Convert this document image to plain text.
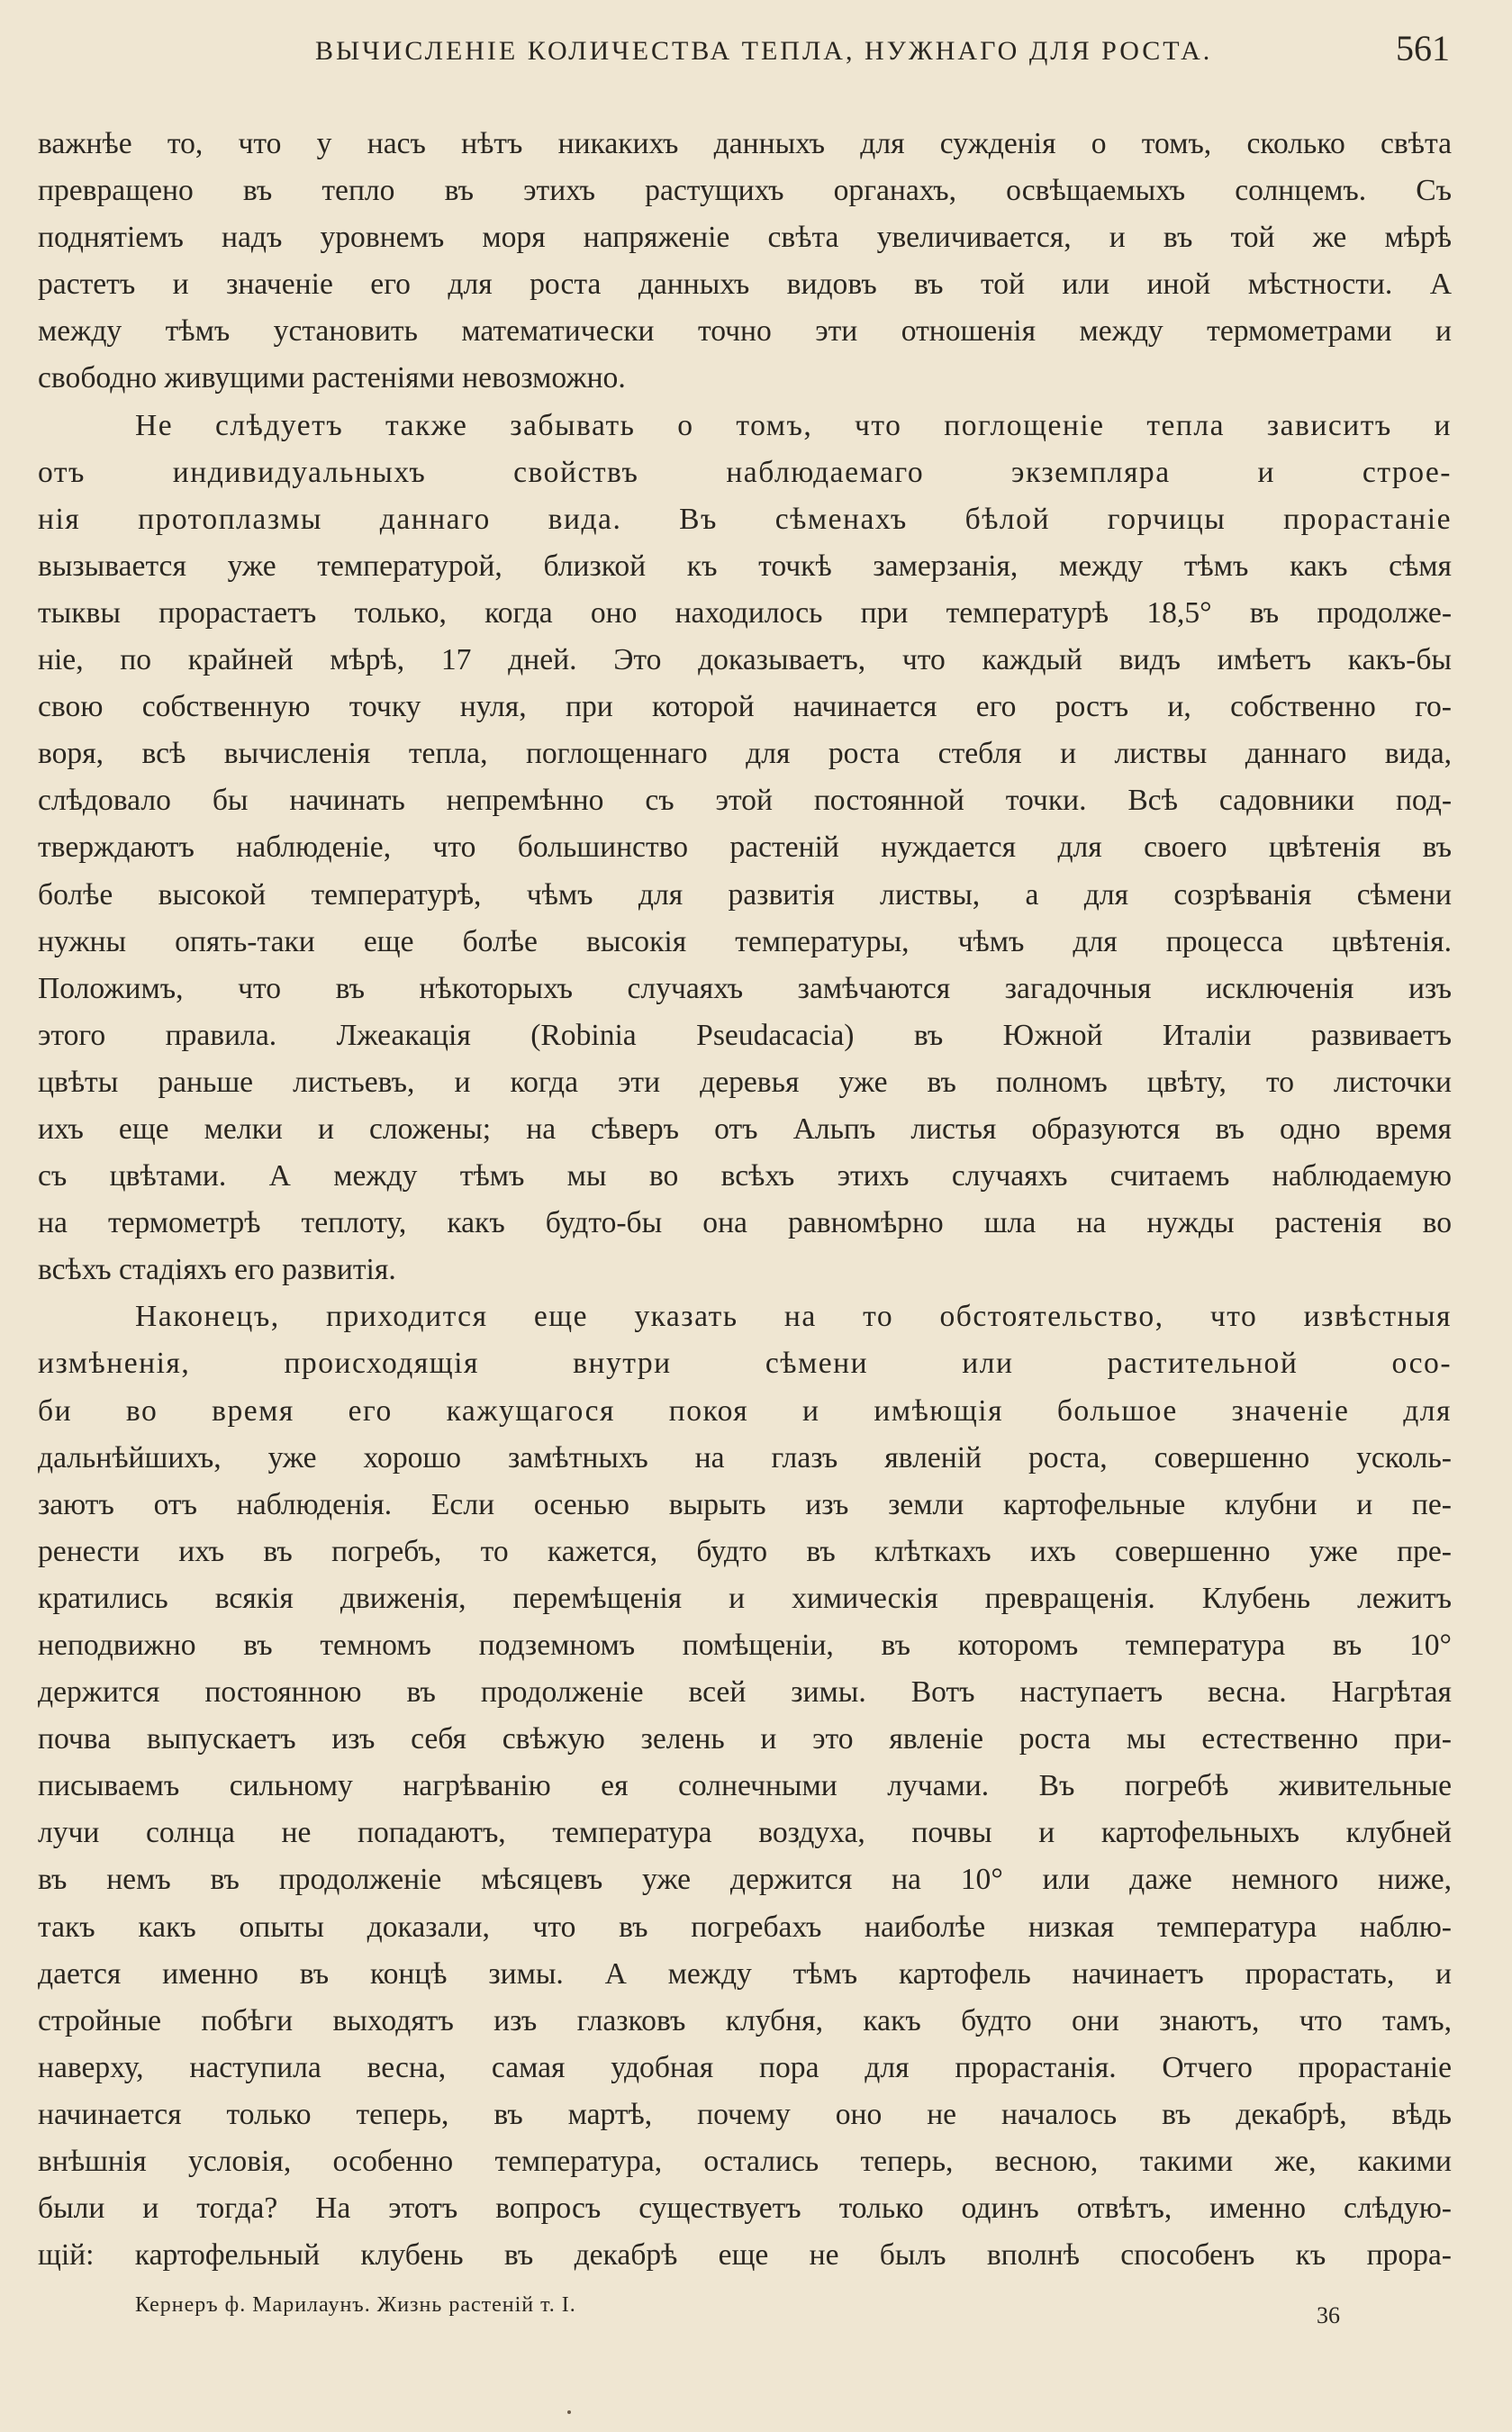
ВЫЧИСЛЕНІЕ КОЛИЧЕСТВА ТЕПЛА, НУЖНАГО ДЛЯ РОСТА.	561
важнѣе то, что у насъ нѣтъ никакихъ данныхъ для сужденія о томъ, сколько свѣта
превращено въ тепло въ этихъ растущихъ органахъ, освѣщаемыхъ солнцемъ. Съ
поднятіемъ надъ уровнемъ моря напряженіе свѣта увеличивается, и въ той же мѣрѣ
растетъ и значеніе его для роста данныхъ видовъ въ той или иной мѣстности. А
между тѣмъ установить математически точно эти отношенія между термометрами и
свободно живущими растеніями невозможно.
Не слѣдуетъ также забывать о томъ, что поглощеніе тепла зависитъ и
отъ индивидуальныхъ свойствъ наблюдаемаго экземпляра и строе-
нія протоплазмы даннаго вида. Въ сѣменахъ бѣлой горчицы прорастаніе
вызывается уже температурой, близкой къ точкѣ замерзанія, между тѣмъ какъ сѣмя
тыквы прорастаетъ только, когда оно находилось при температурѣ 18,5° въ продолже-
ніе, по крайней мѣрѣ, 17 дней. Это доказываетъ, что каждый видъ имѣетъ какъ-бы
свою собственную точку нуля, при которой начинается его ростъ и, собственно го-
воря, всѣ вычисленія тепла, поглощеннаго для роста стебля и листвы даннаго вида,
слѣдовало бы начинать непремѣнно съ этой постоянной точки. Всѣ садовники под-
тверждаютъ наблюденіе, что большинство растеній нуждается для своего цвѣтенія въ
болѣе высокой температурѣ, чѣмъ для развитія листвы, а для созрѣванія сѣмени
нужны опять-таки еще болѣе высокія температуры, чѣмъ для процесса цвѣтенія.
Положимъ, что въ нѣкоторыхъ случаяхъ замѣчаются загадочныя исключенія изъ
этого правила. Лжеакація (Robinia Pseudacacia) въ Южной Италіи развиваетъ
цвѣты раньше листьевъ, и когда эти деревья уже въ полномъ цвѣту, то листочки
ихъ еще мелки и сложены; на сѣверъ отъ Альпъ листья образуются въ одно время
съ цвѣтами. А между тѣмъ мы во всѣхъ этихъ случаяхъ считаемъ наблюдаемую
на термометрѣ теплоту, какъ будто-бы она равномѣрно шла на нужды растенія во
всѣхъ стадіяхъ его развитія.
Наконецъ, приходится еще указать на то обстоятельство, что извѣстныя
измѣненія, происходящія внутри сѣмени или растительной осо-
би во время его кажущагося покоя и имѣющія большое значеніе для
дальнѣйшихъ, уже хорошо замѣтныхъ на глазъ явленій роста, совершенно усколь-
заютъ отъ наблюденія. Если осенью вырыть изъ земли картофельные клубни и пе-
ренести ихъ въ погребъ, то кажется, будто въ клѣткахъ ихъ совершенно уже пре-
кратились всякія движенія, перемѣщенія и химическія превращенія. Клубень лежитъ
неподвижно въ темномъ подземномъ помѣщеніи, въ которомъ температура въ 10°
держится постоянною въ продолженіе всей зимы. Вотъ наступаетъ весна. Нагрѣтая
почва выпускаетъ изъ себя свѣжую зелень и это явленіе роста мы естественно при-
писываемъ сильному нагрѣванію ея солнечными лучами. Въ погребѣ живительные
лучи солнца не попадаютъ, температура воздуха, почвы и картофельныхъ клубней
въ немъ въ продолженіе мѣсяцевъ уже держится на 10° или даже немного ниже,
такъ какъ опыты доказали, что въ погребахъ наиболѣе низкая температура наблю-
дается именно въ концѣ зимы. А между тѣмъ картофель начинаетъ прорастать, и
стройные побѣги выходятъ изъ глазковъ клубня, какъ будто они знаютъ, что тамъ,
наверху, наступила весна, самая удобная пора для прорастанія. Отчего прорастаніе
начинается только теперь, въ мартѣ, почему оно не началось въ декабрѣ, вѣдь
внѣшнія условія, особенно температура, остались теперь, весною, такими же, какими
были и тогда? На этотъ вопросъ существуетъ только одинъ отвѣтъ, именно слѣдую-
щій: картофельный клубень въ декабрѣ еще не былъ вполнѣ способенъ къ прора-
Кернеръ ф. Марилаунъ. Жизнь растеній т. I.	36
